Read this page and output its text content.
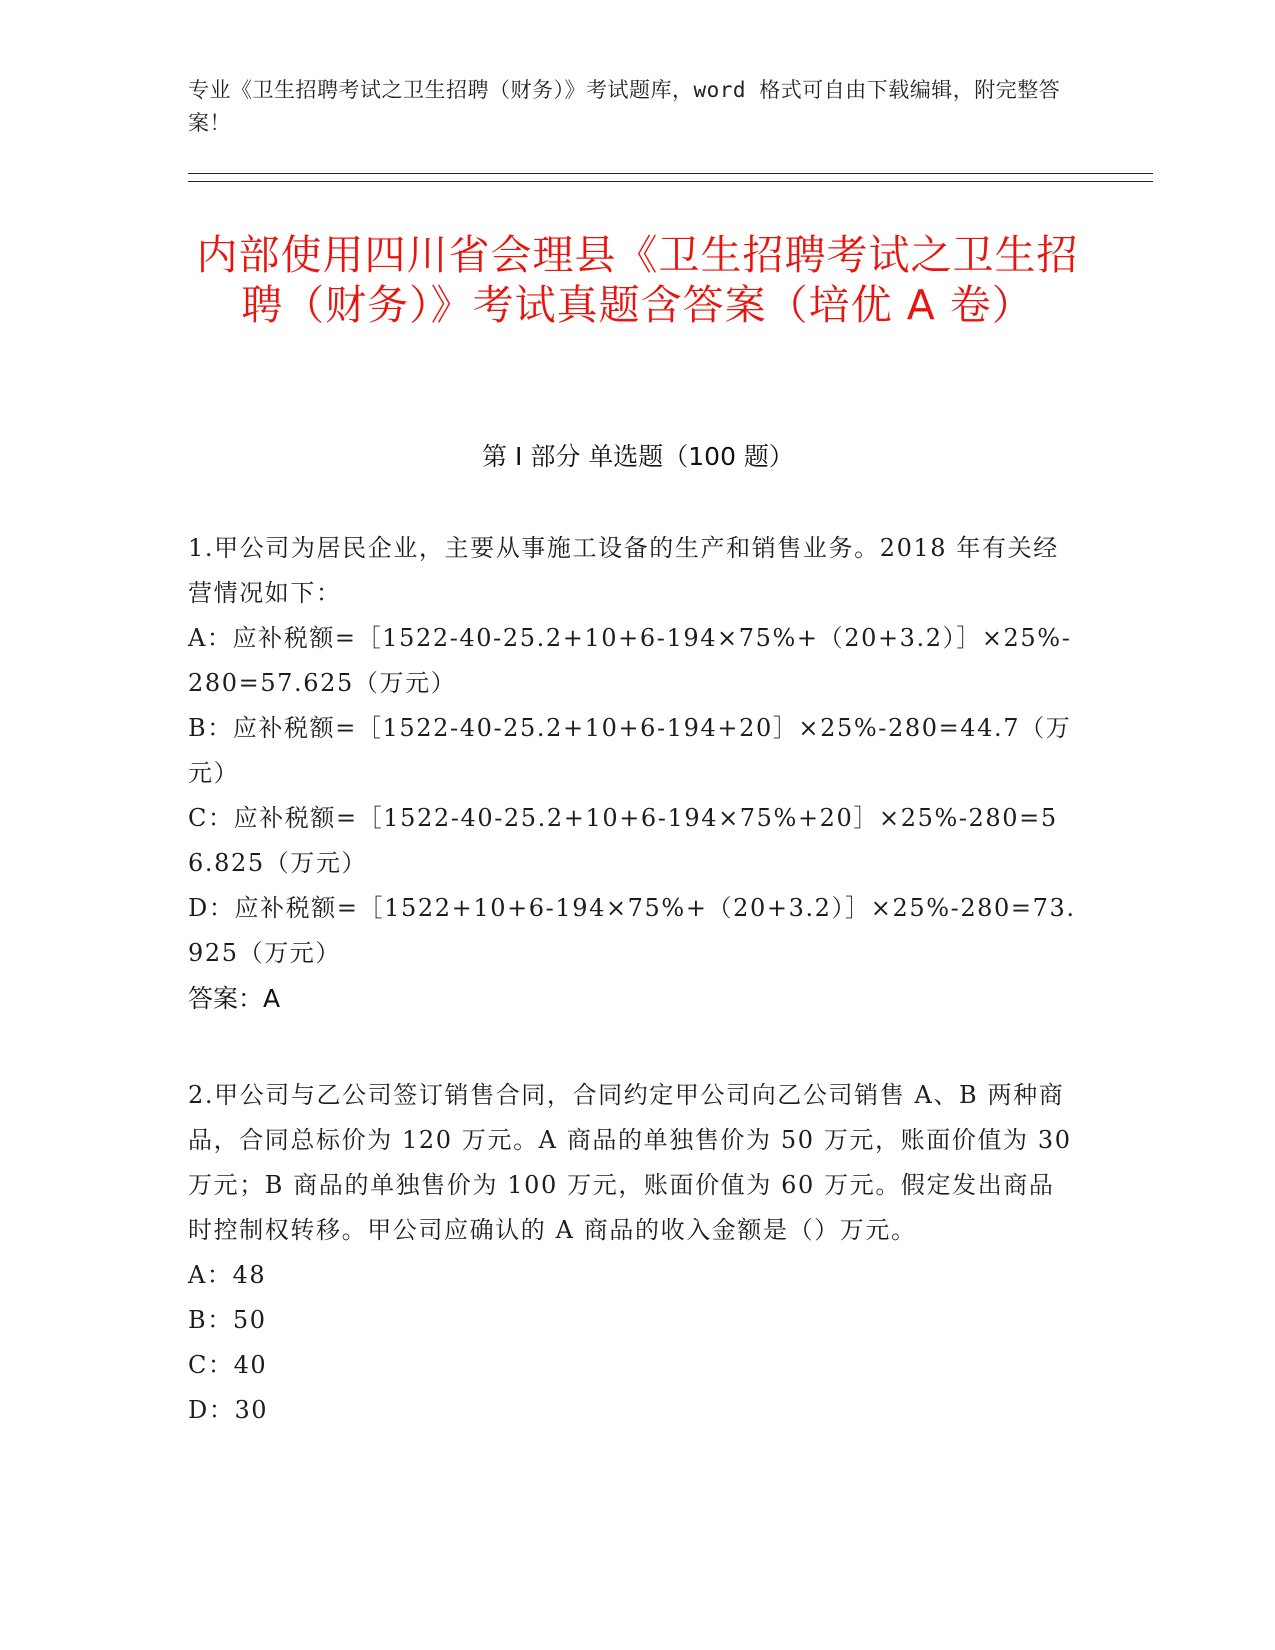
专业《卫生招聘考试之卫生招聘（财务）》考试题库，word 格式可自由下载编辑，附完整答案！
内部使用四川省会理县《卫生招聘考试之卫生招聘（财务）》考试真题含答案（培优 A 卷）
第 I 部分 单选题（100 题）

1.甲公司为居民企业，主要从事施工设备的生产和销售业务。2018 年有关经营情况如下：

A：应补税额=［1522-40-25.2+10+6-194×75%+（20+3.2）］×25%-280=57.625（万元）

B：应补税额=［1522-40-25.2+10+6-194+20］×25%-280=44.7（万元）

C：应补税额=［1522-40-25.2+10+6-194×75%+20］×25%-280=56.825（万元）

D：应补税额=［1522+10+6-194×75%+（20+3.2）］×25%-280=73.925（万元）

答案：A

2.甲公司与乙公司签订销售合同，合同约定甲公司向乙公司销售 A、B 两种商品，合同总标价为 120 万元。A 商品的单独售价为 50 万元，账面价值为 30 万元；B 商品的单独售价为 100 万元，账面价值为 60 万元。假定发出商品时控制权转移。甲公司应确认的 A 商品的收入金额是（）万元。

A：48

B：50

C：40

D：30
